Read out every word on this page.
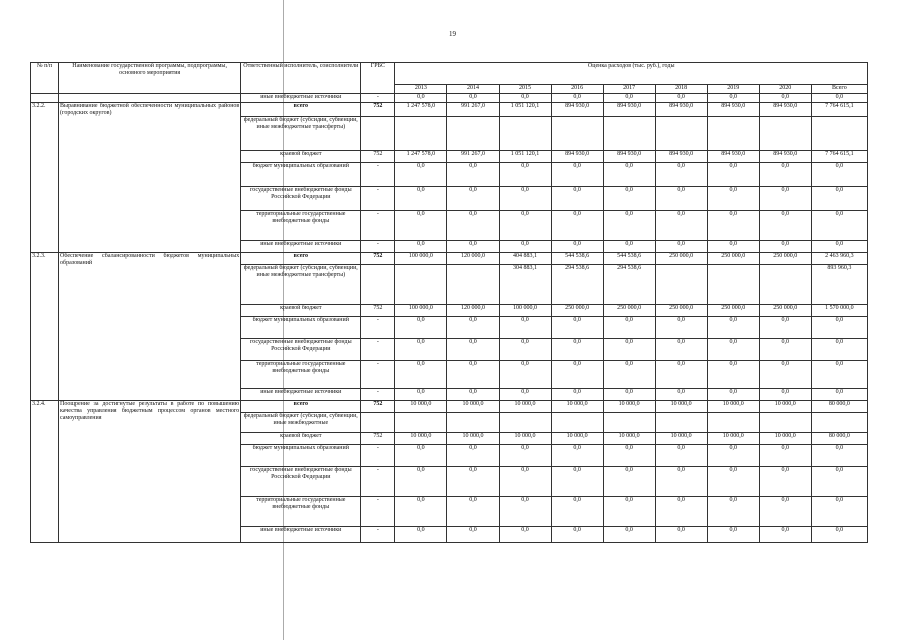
19
№ п/п	Наименование государственной программы, подпрограммы, основного мероприятия	Ответственный исполнитель, соисполнители	ГРБС	Оценка расходов (тыс. руб.), годы								
				2013	2014	2015	2016	2017	2018	2019	2020	Всего
		иные внебюджетные источники	-	0,0	0,0	0,0	0,0	0,0	0,0	0,0	0,0	0,0
3.2.2.	Выравнивание бюджетной обеспеченности муниципальных районов (городских округов)	всего	752	1 247 578,0	991 267,0	1 051 120,1	894 930,0	894 930,0	894 930,0	894 930,0	894 930,0	7 764 615,1
		федеральный бюджет (субсидии, субвенции, иные межбюджетные трансферты)										
		краевой бюджет	752	1 247 578,0	991 267,0	1 051 120,1	894 930,0	894 930,0	894 930,0	894 930,0	894 930,0	7 764 615,1
		бюджет муниципальных образований	-	0,0	0,0	0,0	0,0	0,0	0,0	0,0	0,0	0,0
		государственные внебюджетные фонды Российской Федерации	-	0,0	0,0	0,0	0,0	0,0	0,0	0,0	0,0	0,0
		территориальные государственные внебюджетные фонды	-	0,0	0,0	0,0	0,0	0,0	0,0	0,0	0,0	0,0
		иные внебюджетные источники	-	0,0	0,0	0,0	0,0	0,0	0,0	0,0	0,0	0,0
3.2.3.	Обеспечение сбалансированности бюджетов муниципальных образований	всего	752	100 000,0	120 000,0	404 883,1	544 538,6	544 538,6	250 000,0	250 000,0	250 000,0	2 463 960,3
		федеральный бюджет (субсидии, субвенции, иные межбюджетные трансферты)				304 883,1	294 538,6	294 538,6				893 960,3
		краевой бюджет	752	100 000,0	120 000,0	100 000,0	250 000,0	250 000,0	250 000,0	250 000,0	250 000,0	1 570 000,0
		бюджет муниципальных образований	-	0,0	0,0	0,0	0,0	0,0	0,0	0,0	0,0	0,0
		государственные внебюджетные фонды Российской Федерации	-	0,0	0,0	0,0	0,0	0,0	0,0	0,0	0,0	0,0
		территориальные государственные внебюджетные фонды	-	0,0	0,0	0,0	0,0	0,0	0,0	0,0	0,0	0,0
		иные внебюджетные источники	-	0,0	0,0	0,0	0,0	0,0	0,0	0,0	0,0	0,0
3.2.4.	Поощрение за достигнутые результаты в работе по повышению качества управления бюджетным процессом органов местного самоуправления	всего	752	10 000,0	10 000,0	10 000,0	10 000,0	10 000,0	10 000,0	10 000,0	10 000,0	80 000,0
		федеральный бюджет (субсидии, субвенции, иные межбюджетные										
		краевой бюджет	752	10 000,0	10 000,0	10 000,0	10 000,0	10 000,0	10 000,0	10 000,0	10 000,0	80 000,0
		бюджет муниципальных образований	-	0,0	0,0	0,0	0,0	0,0	0,0	0,0	0,0	0,0
		государственные внебюджетные фонды Российской Федерации	-	0,0	0,0	0,0	0,0	0,0	0,0	0,0	0,0	0,0
		территориальные государственные внебюджетные фонды	-	0,0	0,0	0,0	0,0	0,0	0,0	0,0	0,0	0,0
		иные внебюджетные источники	-	0,0	0,0	0,0	0,0	0,0	0,0	0,0	0,0	0,0
